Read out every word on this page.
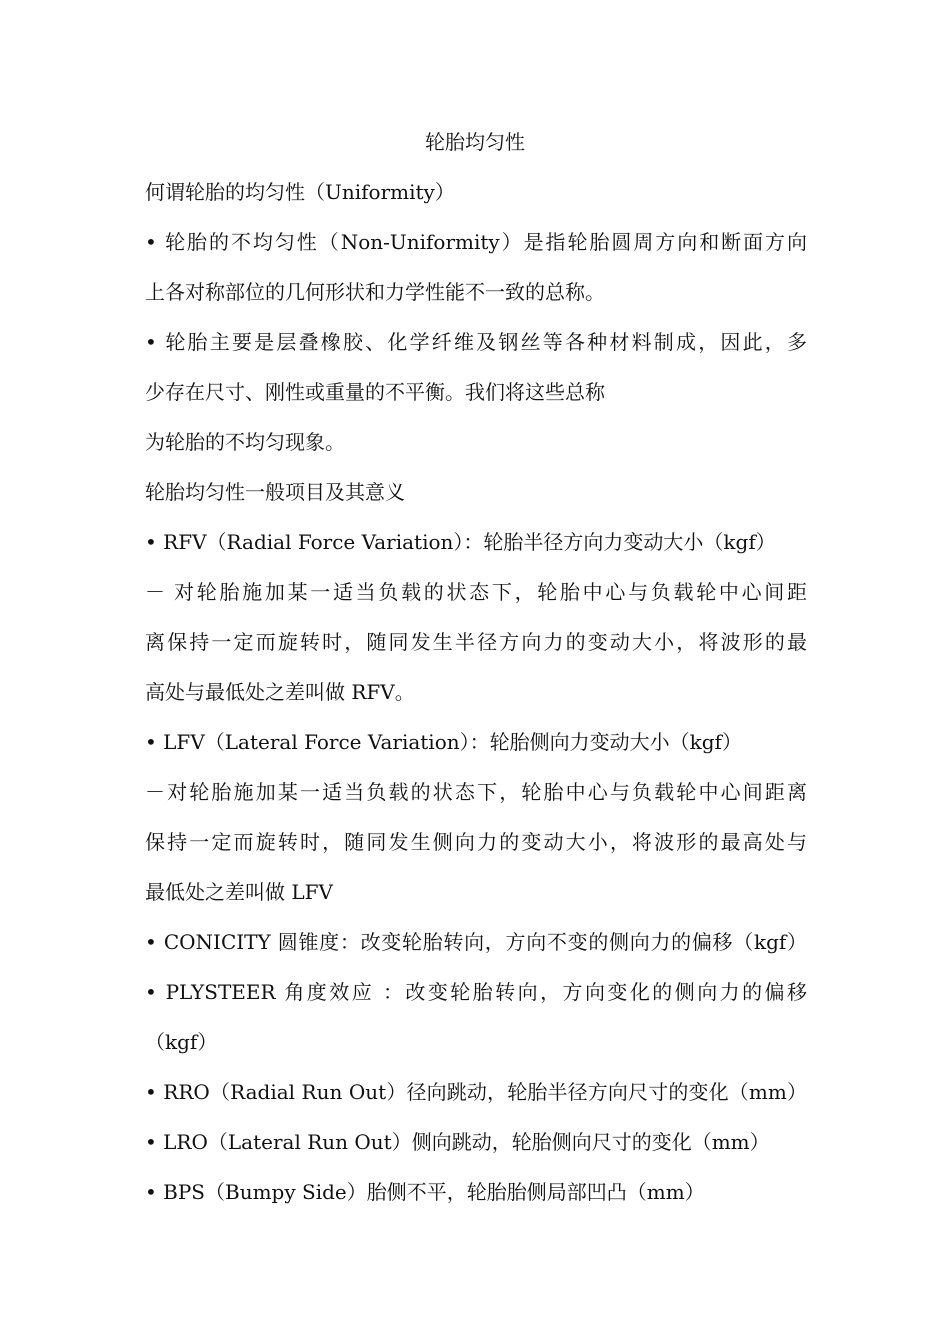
轮胎均匀性
何谓轮胎的均匀性（Uniformity）
• 轮胎的不均匀性（Non-Uniformity）是指轮胎圆周方向和断面方向
上各对称部位的几何形状和力学性能不一致的总称。
• 轮胎主要是层叠橡胶、化学纤维及钢丝等各种材料制成，因此，多
少存在尺寸、刚性或重量的不平衡。我们将这些总称
为轮胎的不均匀现象。
轮胎均匀性一般项目及其意义
• RFV（Radial Force Variation）：轮胎半径方向力变动大小（kgf）
－ 对轮胎施加某一适当负载的状态下，轮胎中心与负载轮中心间距
离保持一定而旋转时，随同发生半径方向力的变动大小，将波形的最
高处与最低处之差叫做 RFV。
• LFV（Lateral Force Variation）：轮胎侧向力变动大小（kgf）
－对轮胎施加某一适当负载的状态下，轮胎中心与负载轮中心间距离
保持一定而旋转时，随同发生侧向力的变动大小，将波形的最高处与
最低处之差叫做 LFV
• CONICITY 圆锥度：改变轮胎转向，方向不变的侧向力的偏移（kgf）
• PLYSTEER 角度效应 ：改变轮胎转向，方向变化的侧向力的偏移
（kgf）
• RRO（Radial Run Out）径向跳动，轮胎半径方向尺寸的变化（mm）
• LRO（Lateral Run Out）侧向跳动，轮胎侧向尺寸的变化（mm）
• BPS（Bumpy Side）胎侧不平，轮胎胎侧局部凹凸（mm）
